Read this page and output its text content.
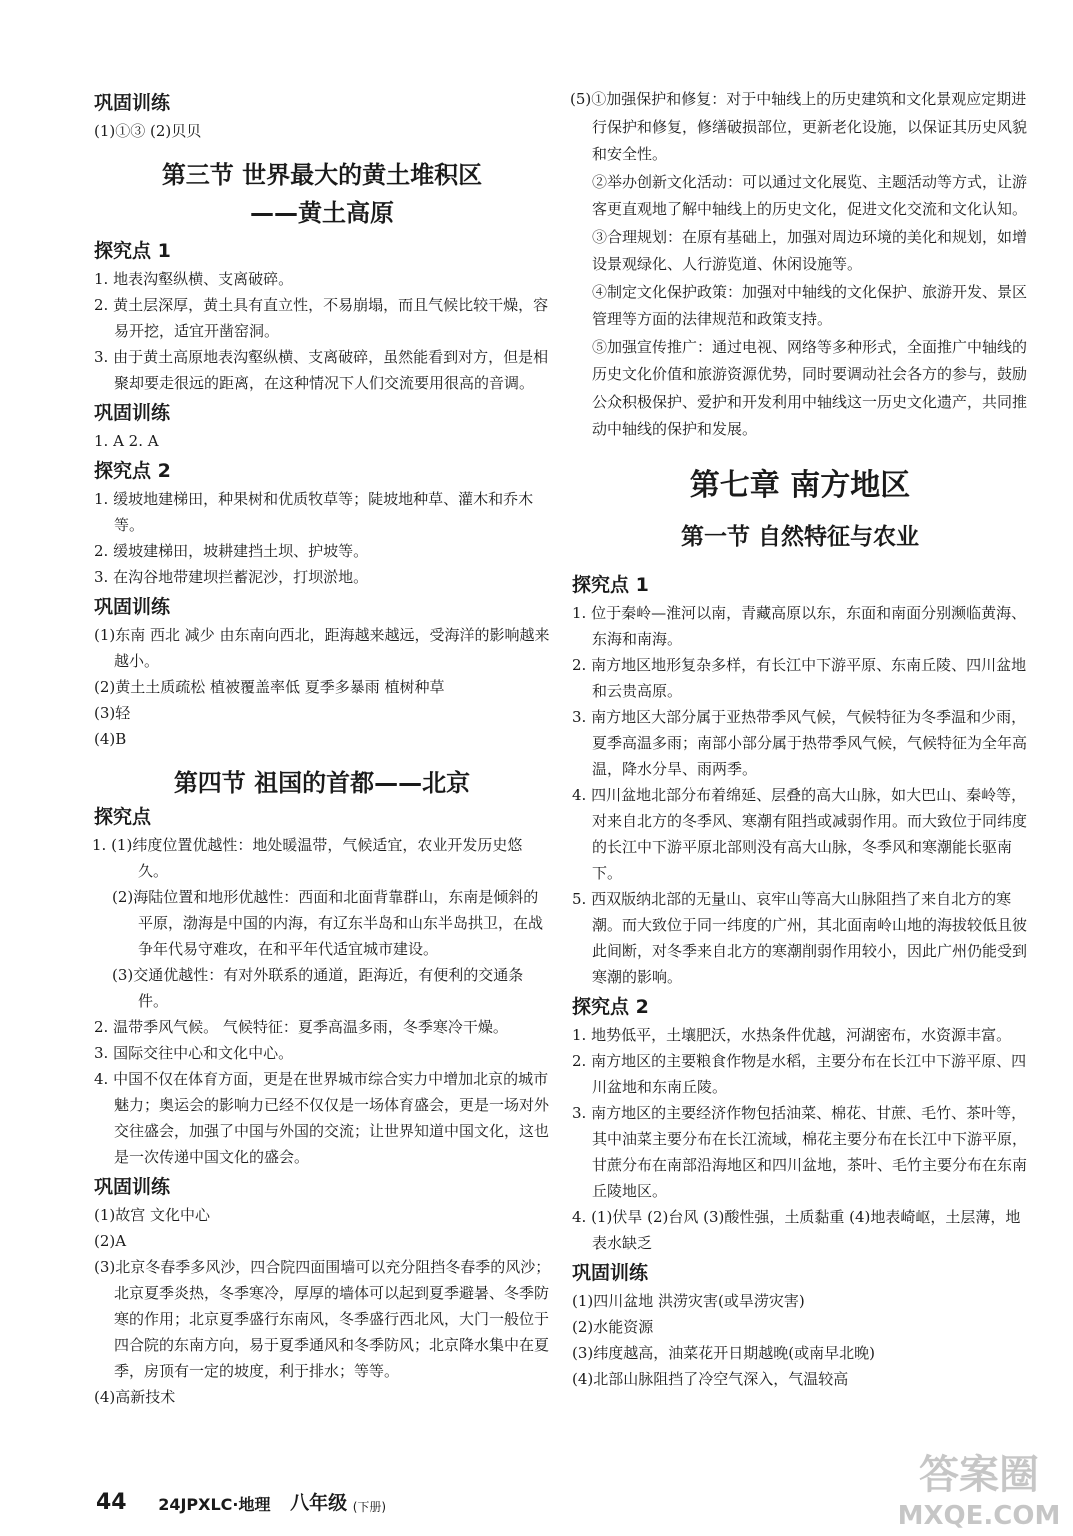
巩固训练

(1)①③ (2)贝贝

第三节 世界最大的黄土堆积区
——黄土高原
探究点 1

1. 地表沟壑纵横、支离破碎。

2. 黄土层深厚，黄土具有直立性，不易崩塌，而且气候比较干燥，容易开挖，适宜开凿窑洞。

3. 由于黄土高原地表沟壑纵横、支离破碎，虽然能看到对方，但是相聚却要走很远的距离，在这种情况下人们交流要用很高的音调。

巩固训练

1. A 2. A

探究点 2

1. 缓坡地建梯田，种果树和优质牧草等；陡坡地种草、灌木和乔木等。

2. 缓坡建梯田，坡耕建挡土坝、护坡等。

3. 在沟谷地带建坝拦蓄泥沙，打坝淤地。

巩固训练

(1)东南 西北 减少 由东南向西北，距海越来越远，受海洋的影响越来越小。

(2)黄土土质疏松 植被覆盖率低 夏季多暴雨 植树种草

(3)轻

(4)B

第四节 祖国的首都——北京
探究点

1. (1)纬度位置优越性：地处暖温带，气候适宜，农业开发历史悠久。

(2)海陆位置和地形优越性：西面和北面背靠群山，东南是倾斜的平原，渤海是中国的内海，有辽东半岛和山东半岛拱卫，在战争年代易守难攻，在和平年代适宜城市建设。

(3)交通优越性：有对外联系的通道，距海近，有便利的交通条件。

2. 温带季风气候。 气候特征：夏季高温多雨，冬季寒冷干燥。

3. 国际交往中心和文化中心。

4. 中国不仅在体育方面，更是在世界城市综合实力中增加北京的城市魅力；奥运会的影响力已经不仅仅是一场体育盛会，更是一场对外交往盛会，加强了中国与外国的交流；让世界知道中国文化，这也是一次传递中国文化的盛会。

巩固训练

(1)故宫 文化中心

(2)A

(3)北京冬春季多风沙，四合院四面围墙可以充分阻挡冬春季的风沙；北京夏季炎热，冬季寒冷，厚厚的墙体可以起到夏季避暑、冬季防寒的作用；北京夏季盛行东南风，冬季盛行西北风，大门一般位于四合院的东南方向，易于夏季通风和冬季防风；北京降水集中在夏季，房顶有一定的坡度，利于排水；等等。

(4)高新技术

(5)①加强保护和修复：对于中轴线上的历史建筑和文化景观应定期进行保护和修复，修缮破损部位，更新老化设施，以保证其历史风貌和安全性。

②举办创新文化活动：可以通过文化展览、主题活动等方式，让游客更直观地了解中轴线上的历史文化，促进文化交流和文化认知。

③合理规划：在原有基础上，加强对周边环境的美化和规划，如增设景观绿化、人行游览道、休闲设施等。

④制定文化保护政策：加强对中轴线的文化保护、旅游开发、景区管理等方面的法律规范和政策支持。

⑤加强宣传推广：通过电视、网络等多种形式，全面推广中轴线的历史文化价值和旅游资源优势，同时要调动社会各方的参与，鼓励公众积极保护、爱护和开发利用中轴线这一历史文化遗产，共同推动中轴线的保护和发展。

第七章 南方地区
第一节 自然特征与农业
探究点 1

1. 位于秦岭—淮河以南，青藏高原以东，东面和南面分别濒临黄海、东海和南海。

2. 南方地区地形复杂多样，有长江中下游平原、东南丘陵、四川盆地和云贵高原。

3. 南方地区大部分属于亚热带季风气候，气候特征为冬季温和少雨，夏季高温多雨；南部小部分属于热带季风气候，气候特征为全年高温，降水分旱、雨两季。

4. 四川盆地北部分布着绵延、层叠的高大山脉，如大巴山、秦岭等，对来自北方的冬季风、寒潮有阻挡或减弱作用。而大致位于同纬度的长江中下游平原北部则没有高大山脉，冬季风和寒潮能长驱南下。

5. 西双版纳北部的无量山、哀牢山等高大山脉阻挡了来自北方的寒潮。而大致位于同一纬度的广州，其北面南岭山地的海拔较低且彼此间断，对冬季来自北方的寒潮削弱作用较小，因此广州仍能受到寒潮的影响。

探究点 2

1. 地势低平，土壤肥沃，水热条件优越，河湖密布，水资源丰富。

2. 南方地区的主要粮食作物是水稻，主要分布在长江中下游平原、四川盆地和东南丘陵。

3. 南方地区的主要经济作物包括油菜、棉花、甘蔗、毛竹、茶叶等，其中油菜主要分布在长江流域，棉花主要分布在长江中下游平原，甘蔗分布在南部沿海地区和四川盆地，茶叶、毛竹主要分布在东南丘陵地区。

4. (1)伏旱 (2)台风 (3)酸性强，土质黏重 (4)地表崎岖，土层薄，地表水缺乏

巩固训练

(1)四川盆地 洪涝灾害(或旱涝灾害)

(2)水能资源

(3)纬度越高，油菜花开日期越晚(或南早北晚)

(4)北部山脉阻挡了冷空气深入，气温较高

44 24JPXLC·地理 八年级 (下册)
答案圈
MXQE.COM
